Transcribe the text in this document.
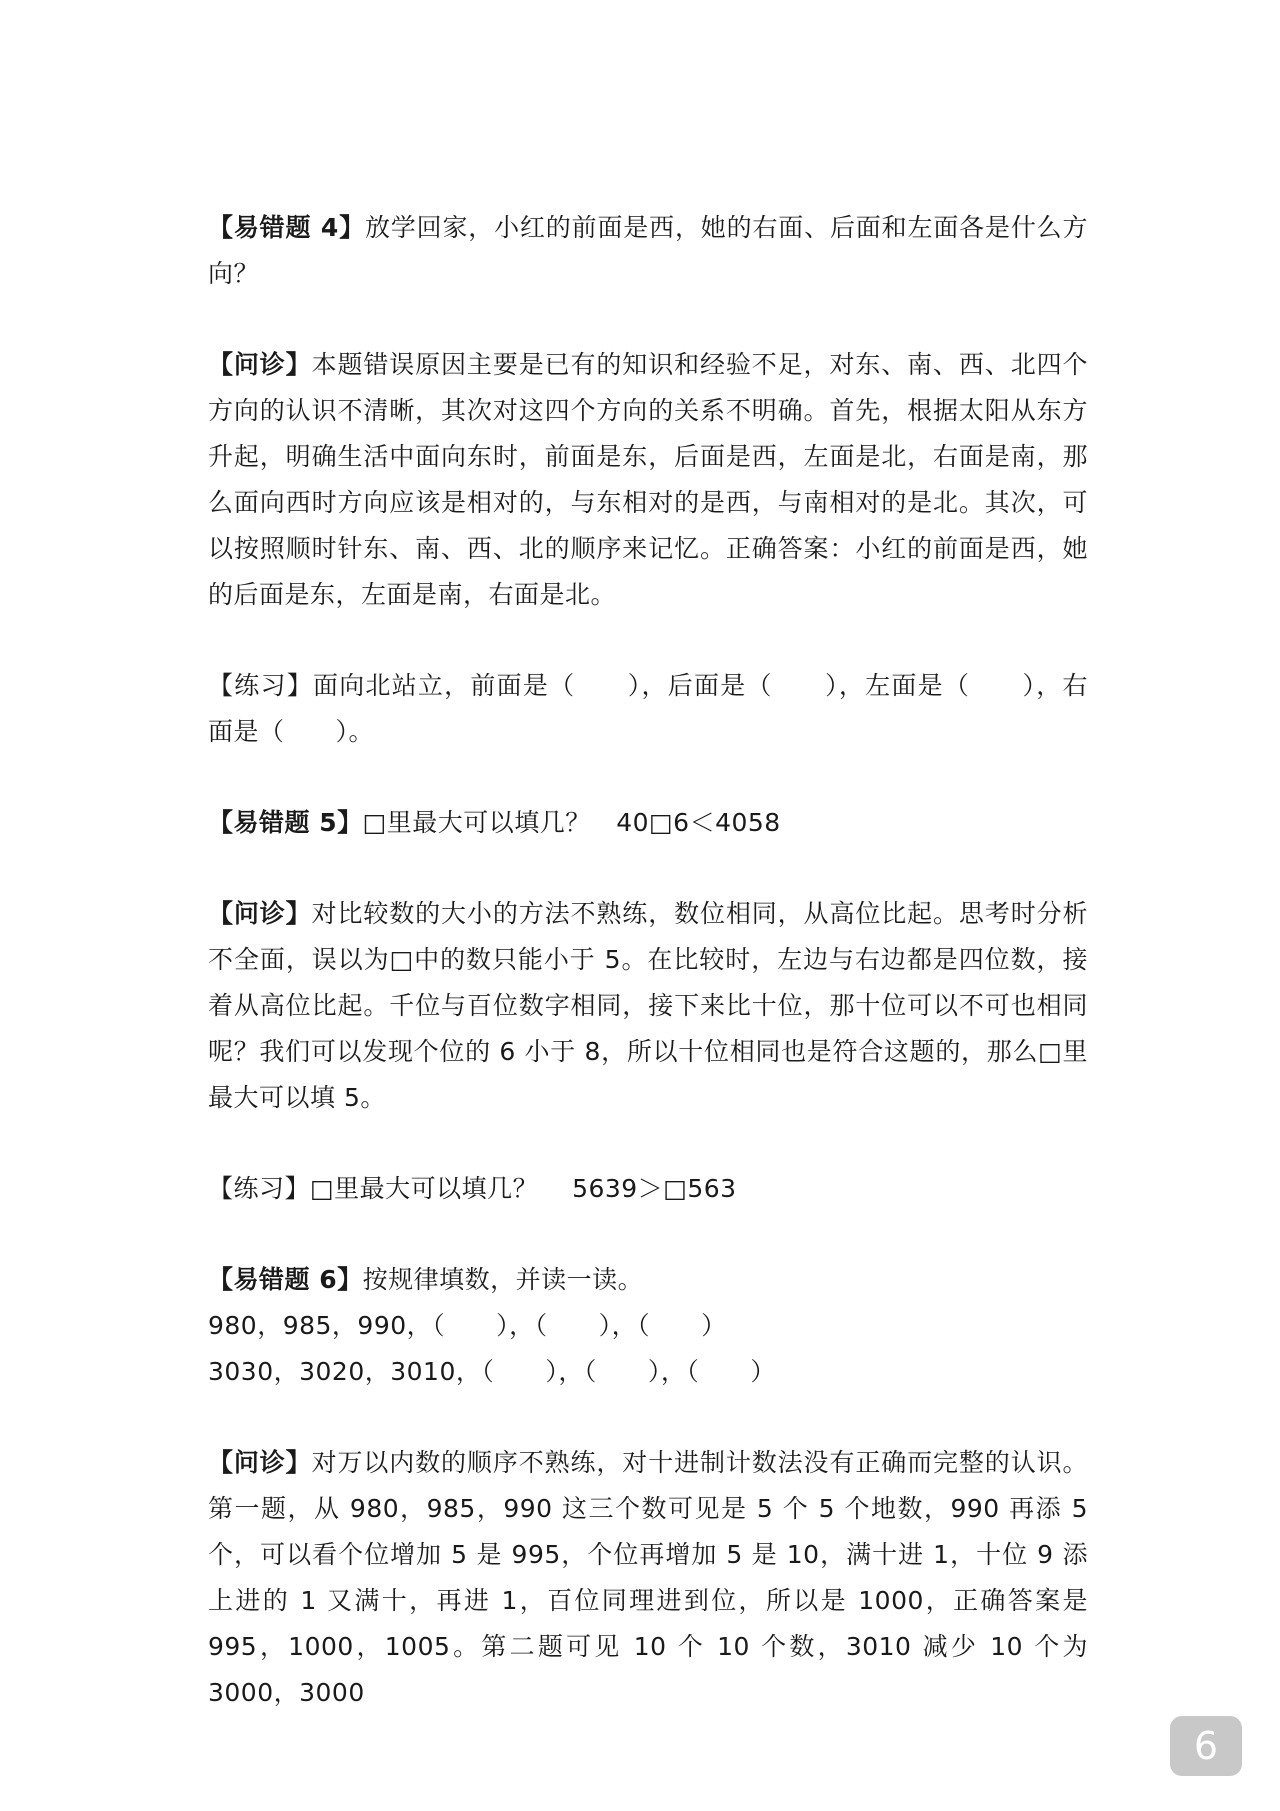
【易错题 4】放学回家，小红的前面是西，她的右面、后面和左面各是什么方向？

【问诊】本题错误原因主要是已有的知识和经验不足，对东、南、西、北四个方向的认识不清晰，其次对这四个方向的关系不明确。首先，根据太阳从东方升起，明确生活中面向东时，前面是东，后面是西，左面是北，右面是南，那么面向西时方向应该是相对的，与东相对的是西，与南相对的是北。其次，可以按照顺时针东、南、西、北的顺序来记忆。正确答案：小红的前面是西，她的后面是东，左面是南，右面是北。

【练习】面向北站立，前面是（　　），后面是（　　），左面是（　　），右面是（　　）。

【易错题 5】□里最大可以填几？　40□6＜4058

【问诊】对比较数的大小的方法不熟练，数位相同，从高位比起。思考时分析不全面，误以为□中的数只能小于 5。在比较时，左边与右边都是四位数，接着从高位比起。千位与百位数字相同，接下来比十位，那十位可以不可也相同呢？我们可以发现个位的 6 小于 8，所以十位相同也是符合这题的，那么□里最大可以填 5。

【练习】□里最大可以填几？　 5639＞□563

【易错题 6】按规律填数，并读一读。
980，985，990，（　　），（　　），（　　）
3030，3020，3010，（　　），（　　），（　　）

【问诊】对万以内数的顺序不熟练，对十进制计数法没有正确而完整的认识。第一题，从 980，985，990 这三个数可见是 5 个 5 个地数，990 再添 5 个，可以看个位增加 5 是 995，个位再增加 5 是 10，满十进 1，十位 9 添上进的 1 又满十，再进 1，百位同理进到位，所以是 1000，正确答案是 995，1000，1005。第二题可见 10 个 10 个数，3010 减少 10 个为 3000，3000

6
